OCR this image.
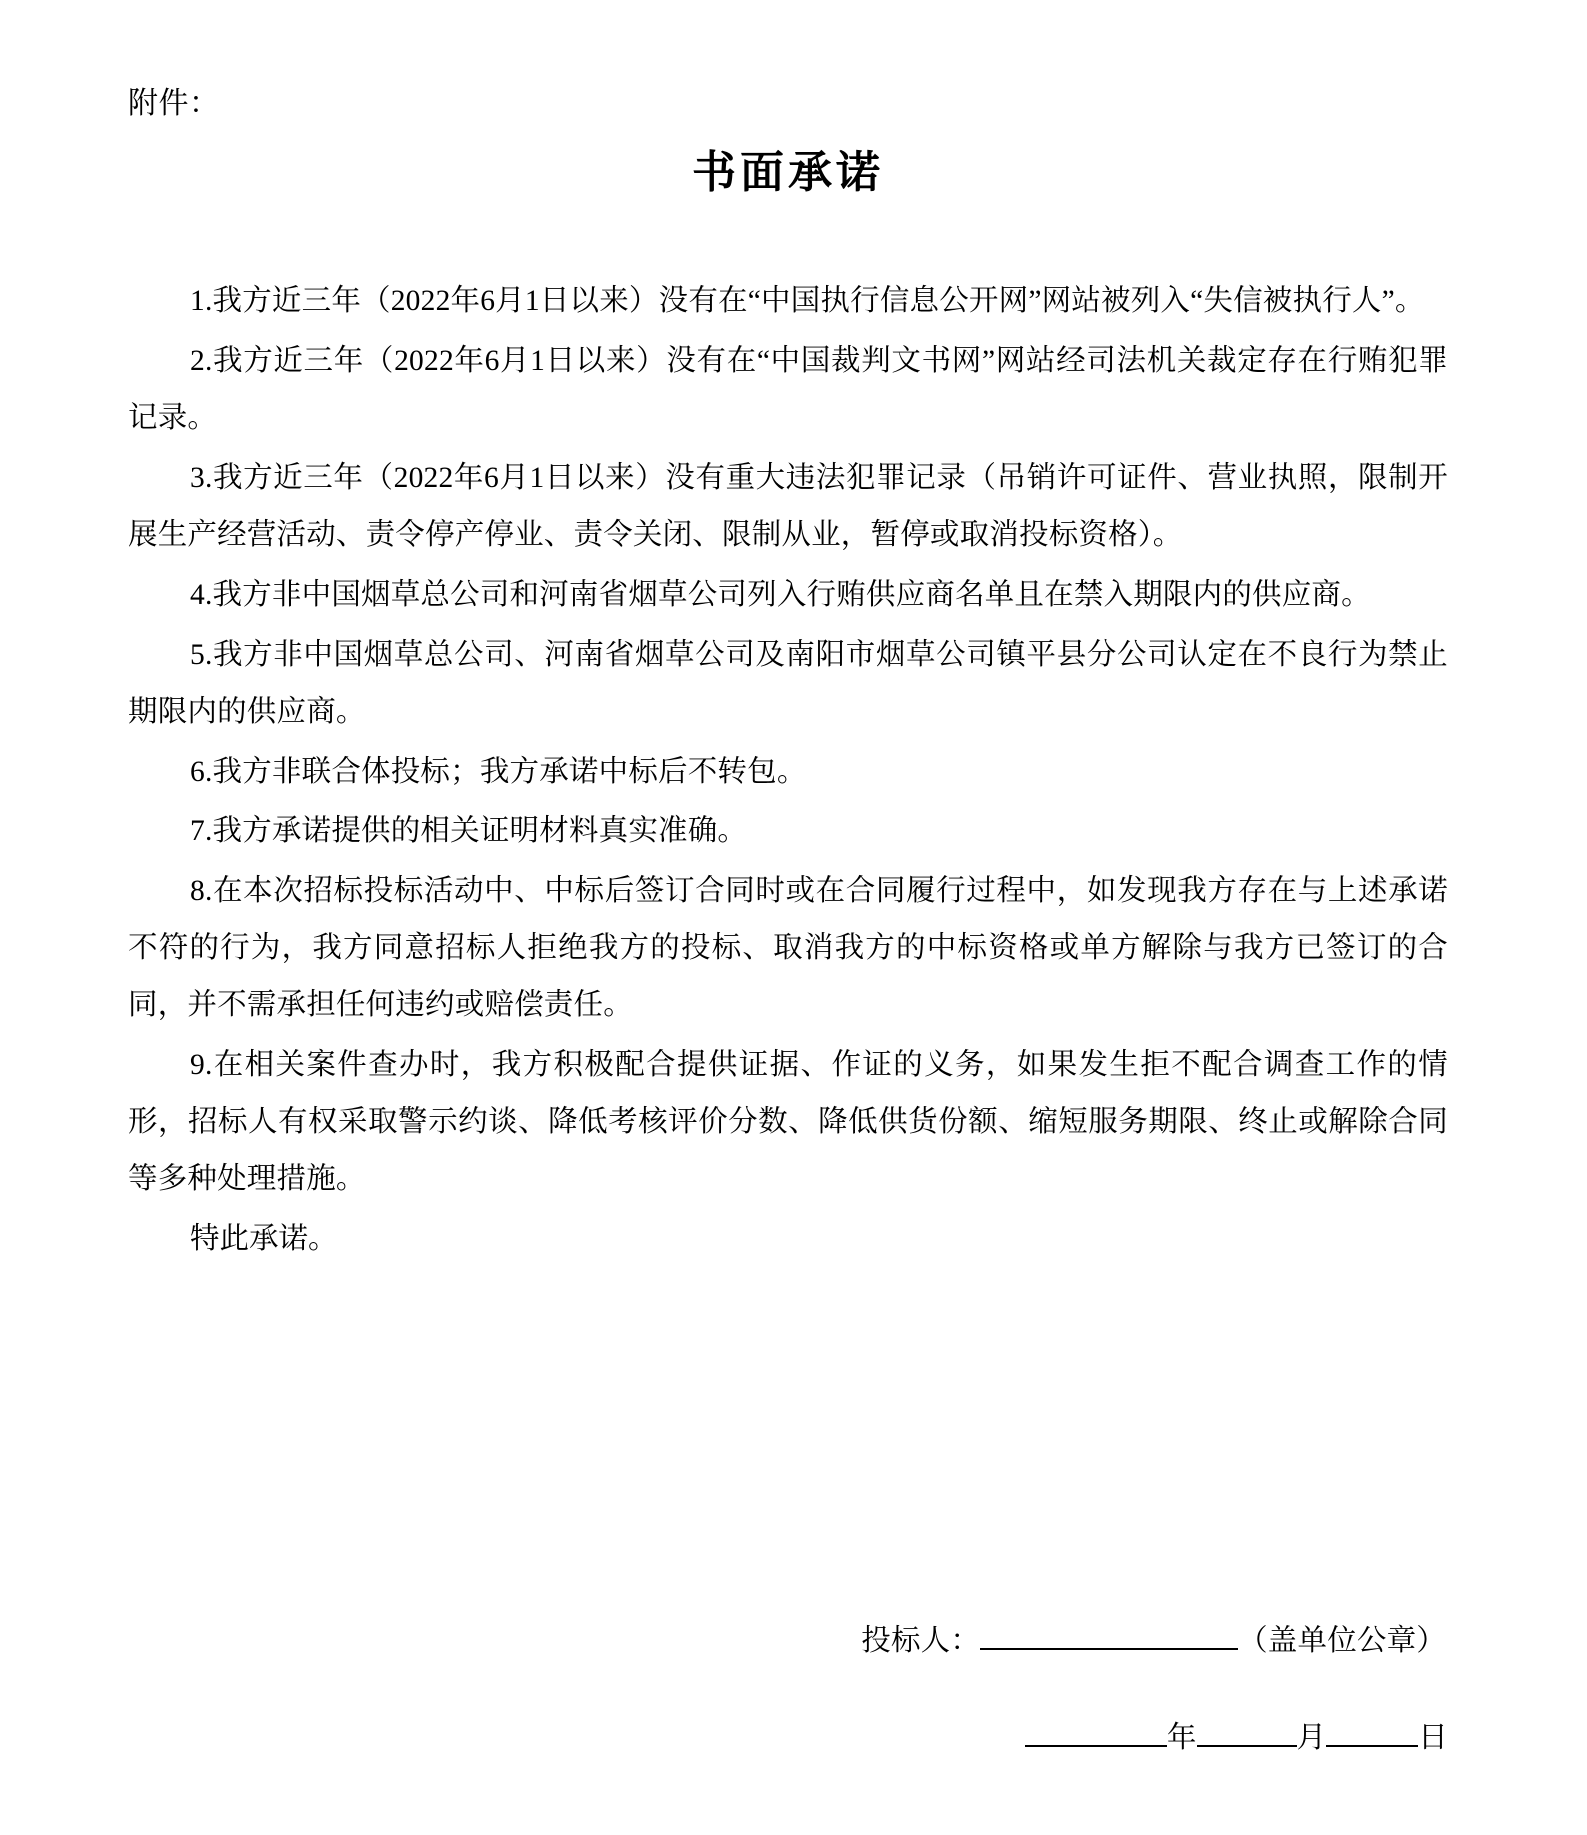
附件：
书面承诺

1.我方近三年（2022年6月1日以来）没有在“中国执行信息公开网”网站被列入“失信被执行人”。

2.我方近三年（2022年6月1日以来）没有在“中国裁判文书网”网站经司法机关裁定存在行贿犯罪记录。

3.我方近三年（2022年6月1日以来）没有重大违法犯罪记录（吊销许可证件、营业执照，限制开展生产经营活动、责令停产停业、责令关闭、限制从业，暂停或取消投标资格）。

4.我方非中国烟草总公司和河南省烟草公司列入行贿供应商名单且在禁入期限内的供应商。

5.我方非中国烟草总公司、河南省烟草公司及南阳市烟草公司镇平县分公司认定在不良行为禁止期限内的供应商。

6.我方非联合体投标；我方承诺中标后不转包。

7.我方承诺提供的相关证明材料真实准确。

8.在本次招标投标活动中、中标后签订合同时或在合同履行过程中，如发现我方存在与上述承诺不符的行为，我方同意招标人拒绝我方的投标、取消我方的中标资格或单方解除与我方已签订的合同，并不需承担任何违约或赔偿责任。

9.在相关案件查办时，我方积极配合提供证据、作证的义务，如果发生拒不配合调查工作的情形，招标人有权采取警示约谈、降低考核评价分数、降低供货份额、缩短服务期限、终止或解除合同等多种处理措施。

特此承诺。

投标人：	（盖单位公章）
年	月	日
